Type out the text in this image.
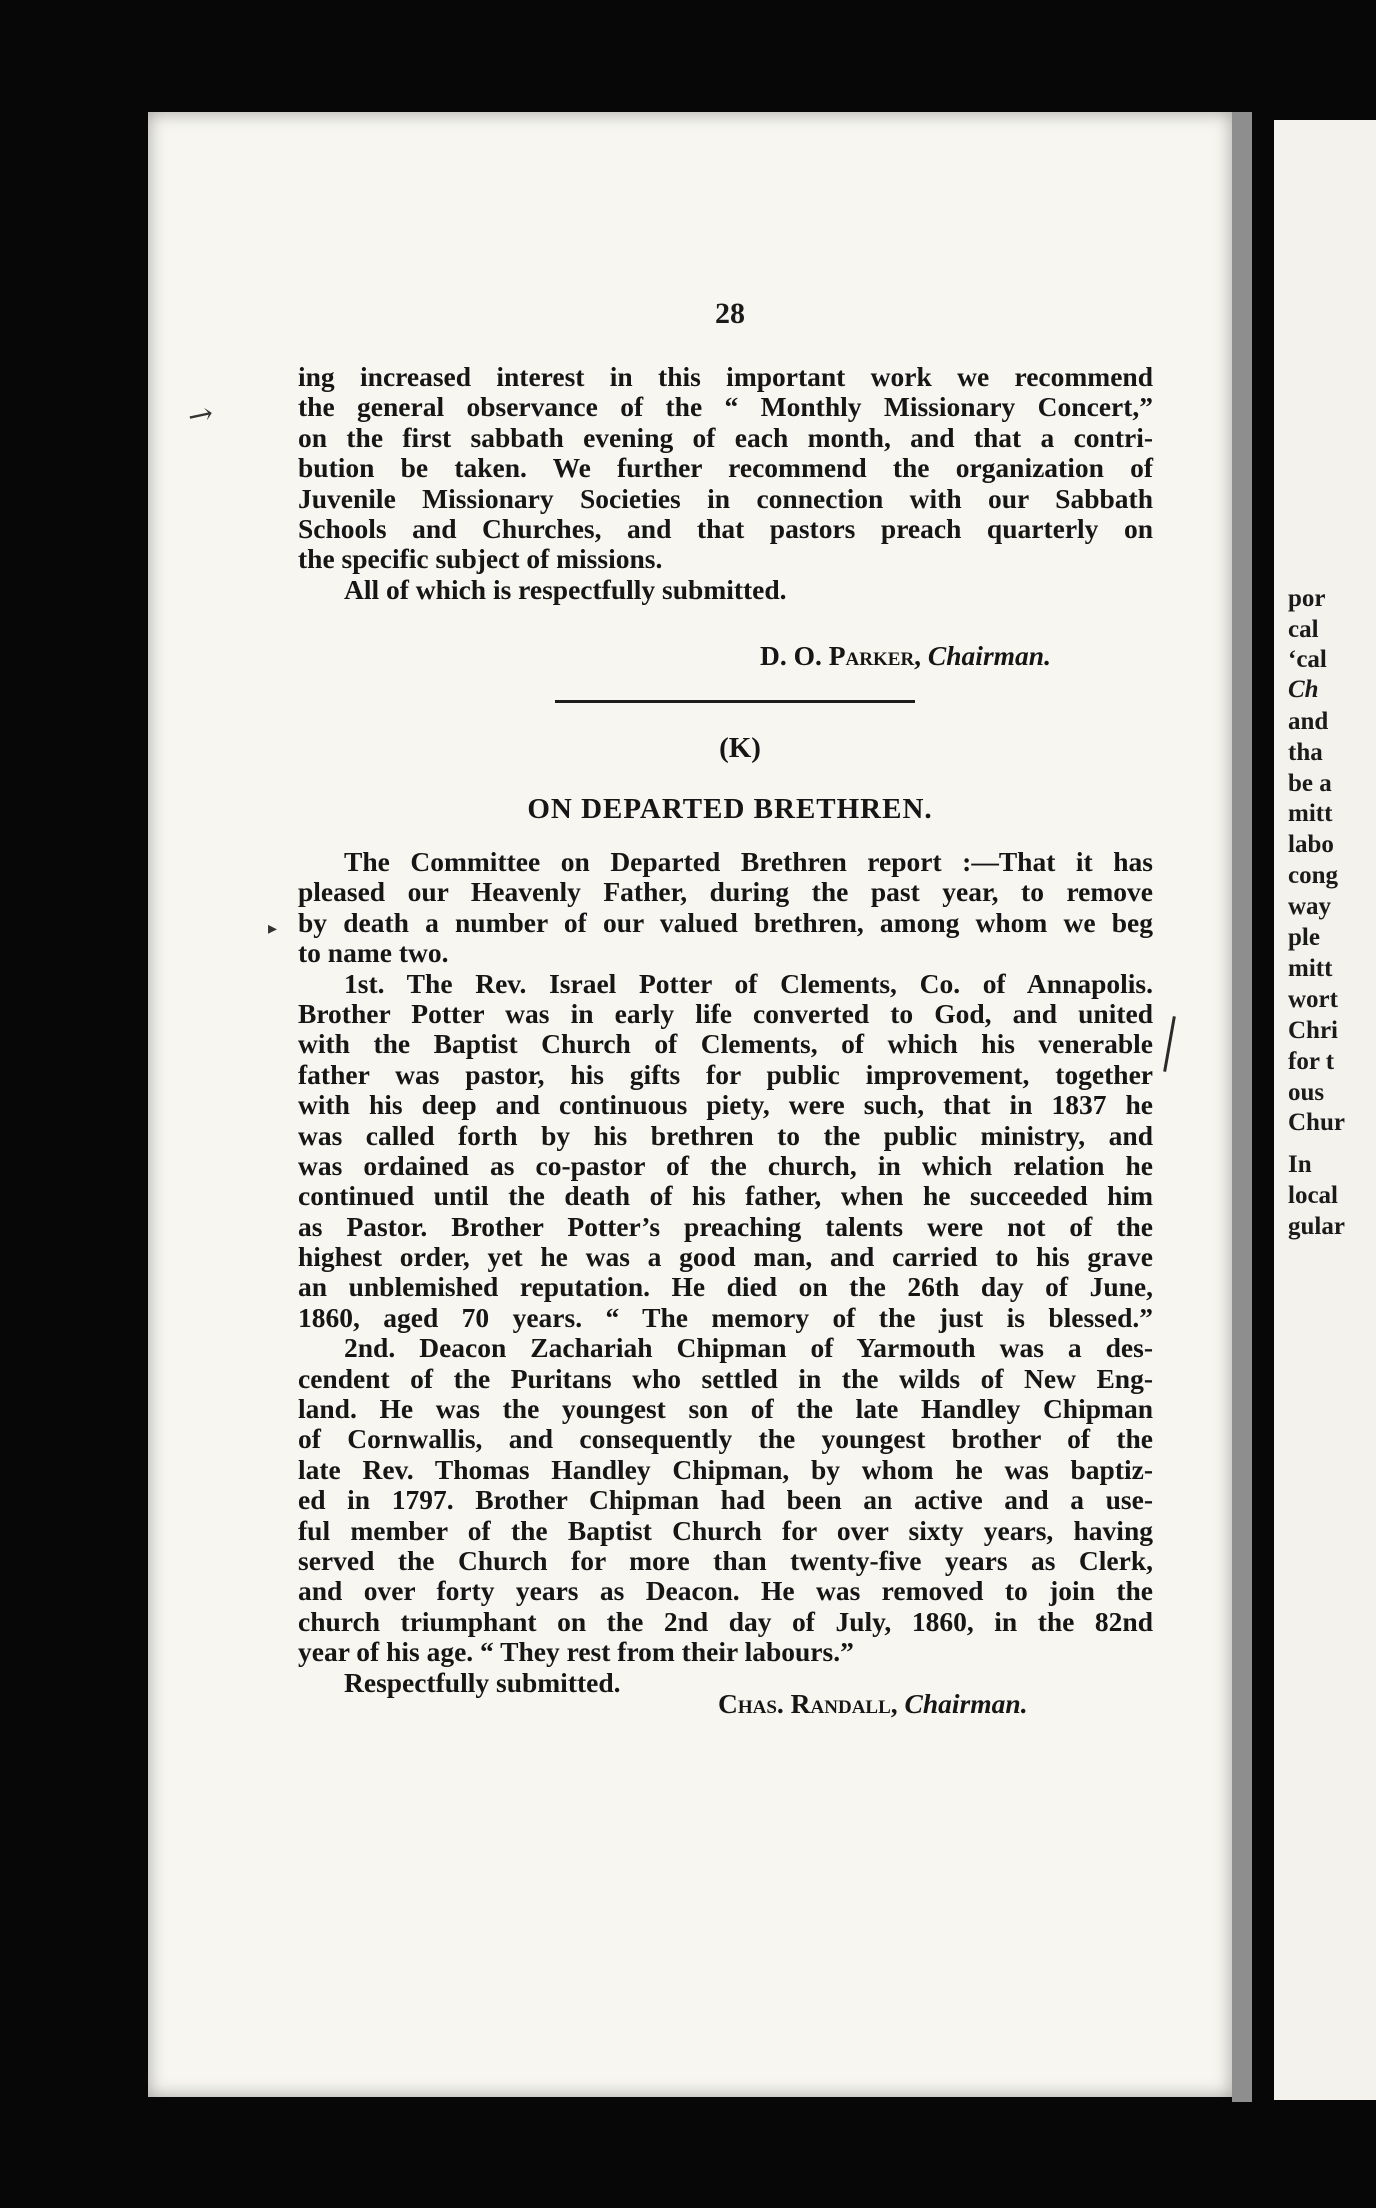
por
cal
‘cal
Ch
and
tha
be a
mitt
labo
cong
way
ple
mitt
wort
Chri
for t
ous
Chur
In
local
gular
28
ing increased interest in this important work we recommend
the general observance of the “ Monthly Missionary Concert,”
on the first sabbath evening of each month, and that a contri-
bution be taken. We further recommend the organization of
Juvenile Missionary Societies in connection with our Sabbath
Schools and Churches, and that pastors preach quarterly on
the specific subject of missions.
All of which is respectfully submitted.
D. O. Parker, Chairman.
(K)
ON DEPARTED BRETHREN.
The Committee on Departed Brethren report :—That it has
pleased our Heavenly Father, during the past year, to remove
by death a number of our valued brethren, among whom we beg
to name two.
1st. The Rev. Israel Potter of Clements, Co. of Annapolis.
Brother Potter was in early life converted to God, and united
with the Baptist Church of Clements, of which his venerable
father was pastor, his gifts for public improvement, together
with his deep and continuous piety, were such, that in 1837 he
was called forth by his brethren to the public ministry, and
was ordained as co-pastor of the church, in which relation he
continued until the death of his father, when he succeeded him
as Pastor. Brother Potter’s preaching talents were not of the
highest order, yet he was a good man, and carried to his grave
an unblemished reputation. He died on the 26th day of June,
1860, aged 70 years. “ The memory of the just is blessed.”
2nd. Deacon Zachariah Chipman of Yarmouth was a des-
cendent of the Puritans who settled in the wilds of New Eng-
land. He was the youngest son of the late Handley Chipman
of Cornwallis, and consequently the youngest brother of the
late Rev. Thomas Handley Chipman, by whom he was baptiz-
ed in 1797. Brother Chipman had been an active and a use-
ful member of the Baptist Church for over sixty years, having
served the Church for more than twenty-five years as Clerk,
and over forty years as Deacon. He was removed to join the
church triumphant on the 2nd day of July, 1860, in the 82nd
year of his age. “ They rest from their labours.”
Respectfully submitted.
Chas. Randall, Chairman.
→
▸
